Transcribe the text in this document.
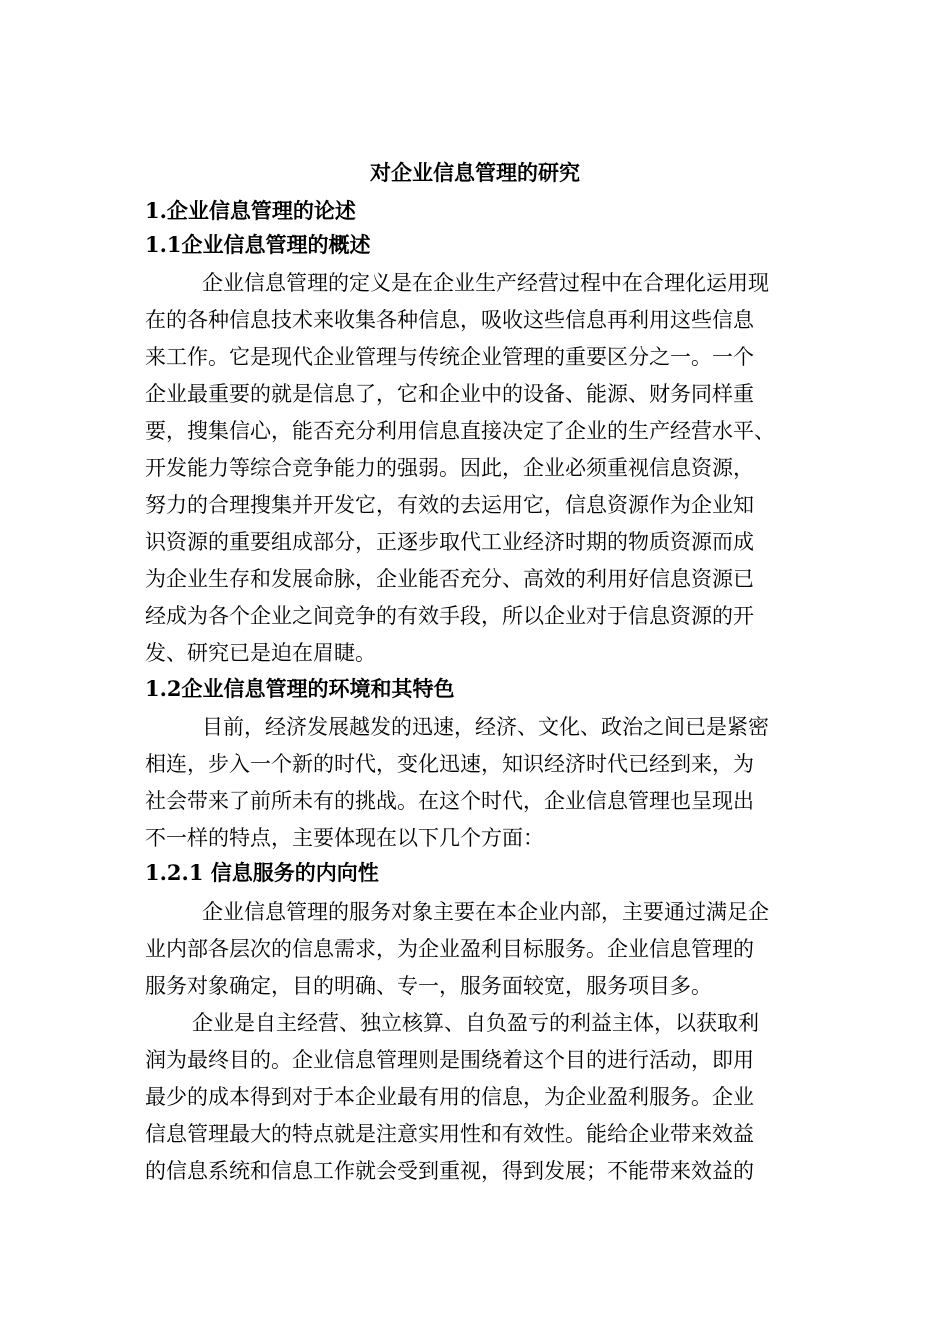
对企业信息管理的研究
1.企业信息管理的论述
1.1企业信息管理的概述
企业信息管理的定义是在企业生产经营过程中在合理化运用现
在的各种信息技术来收集各种信息，吸收这些信息再利用这些信息
来工作。它是现代企业管理与传统企业管理的重要区分之一。一个
企业最重要的就是信息了，它和企业中的设备、能源、财务同样重
要，搜集信心，能否充分利用信息直接决定了企业的生产经营水平、
开发能力等综合竞争能力的强弱。因此，企业必须重视信息资源，
努力的合理搜集并开发它，有效的去运用它，信息资源作为企业知
识资源的重要组成部分，正逐步取代工业经济时期的物质资源而成
为企业生存和发展命脉，企业能否充分、高效的利用好信息资源已
经成为各个企业之间竞争的有效手段，所以企业对于信息资源的开
发、研究已是迫在眉睫。
1.2企业信息管理的环境和其特色
目前，经济发展越发的迅速，经济、文化、政治之间已是紧密
相连，步入一个新的时代，变化迅速，知识经济时代已经到来，为
社会带来了前所未有的挑战。在这个时代，企业信息管理也呈现出
不一样的特点，主要体现在以下几个方面：
1.2.1 信息服务的内向性
企业信息管理的服务对象主要在本企业内部，主要通过满足企
业内部各层次的信息需求，为企业盈利目标服务。企业信息管理的
服务对象确定，目的明确、专一，服务面较宽，服务项目多。
企业是自主经营、独立核算、自负盈亏的利益主体，以获取利
润为最终目的。企业信息管理则是围绕着这个目的进行活动，即用
最少的成本得到对于本企业最有用的信息，为企业盈利服务。企业
信息管理最大的特点就是注意实用性和有效性。能给企业带来效益
的信息系统和信息工作就会受到重视，得到发展；不能带来效益的
